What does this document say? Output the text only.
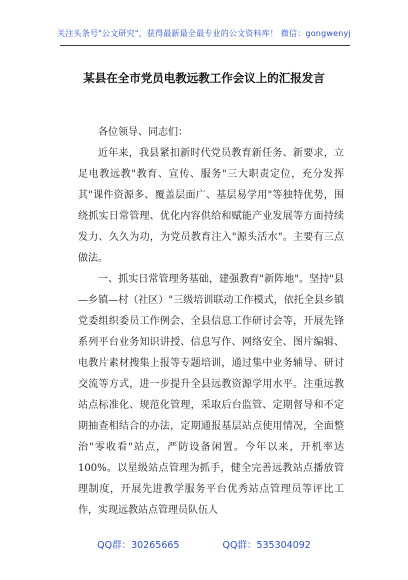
关注头条号"公文研究"，获得最新最全最专业的公文资料库！ 微信：gongwenyj
某县在全市党员电教远教工作会议上的汇报发言

各位领导、同志们：

近年来，我县紧扣新时代党员教育新任务、新要求，立足电教远教"教育、宣传、服务"三大职责定位，充分发挥其"课件资源多、覆盖层面广、基层易学用"等独特优势，围绕抓实日常管理、优化内容供给和赋能产业发展等方面持续发力、久久为功，为党员教育注入"源头活水"。主要有三点做法。

一、抓实日常管理务基础，建强教育"新阵地"。坚持"县—乡镇—村（社区）"三级培训联动工作模式，依托全县乡镇党委组织委员工作例会、全县信息工作研讨会等，开展先锋系列平台业务知识讲授、信息写作、网络安全、图片编辑、电教片素材搜集上报等专题培训，通过集中业务辅导、研讨交流等方式，进一步提升全县远教资源学用水平。注重远教站点标准化、规范化管理，采取后台监管、定期督导和不定期抽查相结合的办法，定期通报基层站点使用情况，全面整治"零收看"站点，严防设备闲置。今年以来，开机率达100%。以星级站点管理为抓手，健全完善远教站点播放管理制度，开展先进教学服务平台优秀站点管理员等评比工作，实现远教站点管理员队伍人

QQ群：30265665	QQ群：535304092
